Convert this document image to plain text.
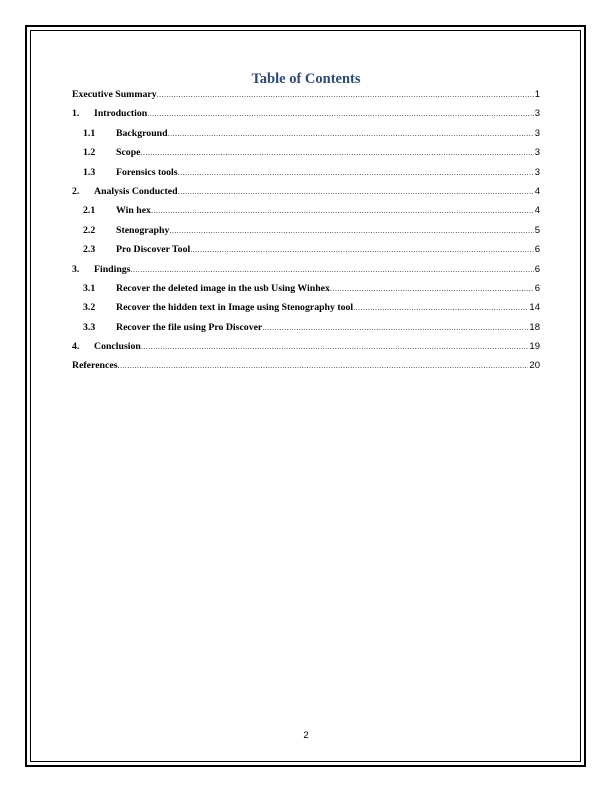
Table of Contents
Executive Summary .....	1
1.	Introduction .....	3
1.1	Background .....	3
1.2	Scope .....	3
1.3	Forensics tools .....	3
2.	Analysis Conducted .....	4
2.1	Win hex .....	4
2.2	Stenography .....	5
2.3	Pro Discover Tool .....	6
3.	Findings .....	6
3.1	Recover the deleted image in the usb Using Winhex .....	6
3.2	Recover the hidden text in Image using Stenography tool .....	14
3.3	Recover the file using Pro Discover .....	18
4.	Conclusion .....	19
References .....	20
2
